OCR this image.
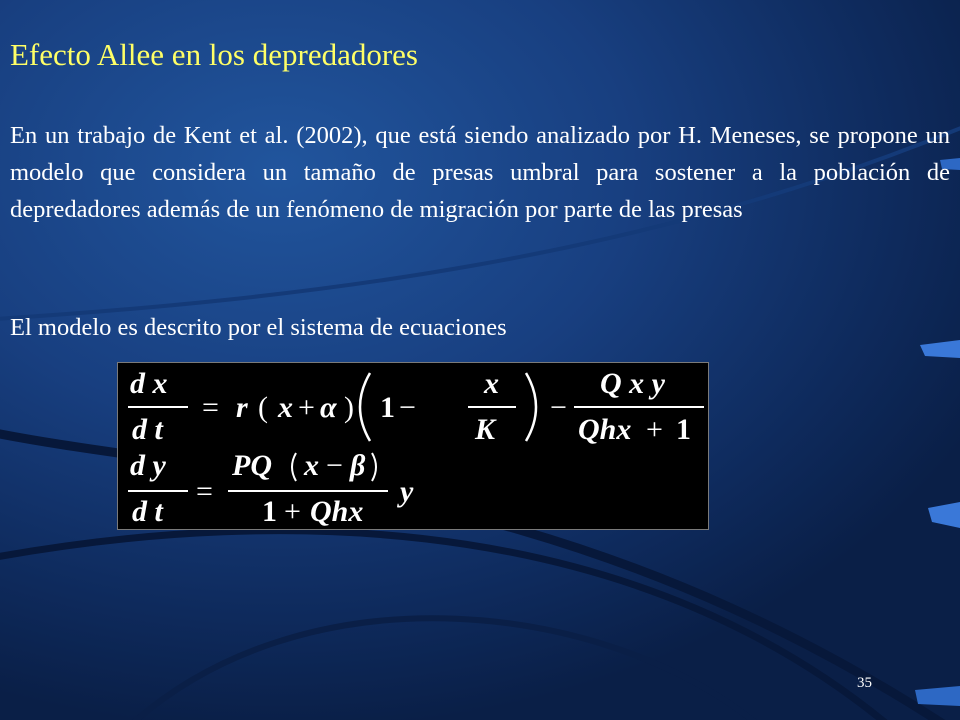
Efecto Allee en los depredadores

En un trabajo de Kent et al. (2002), que está siendo analizado por H. Meneses, se propone un modelo que considera un tamaño de presas umbral para sostener a la población de depredadores además de un fenómeno de migración por parte de las presas

El modelo es descrito por el sistema de ecuaciones

d x
d t
= r ( x + α ) 1 −
x
K
−
Q x y
Qhx + 1
d y
d t
=
PQ x − β
1 + Qhx
y
35
